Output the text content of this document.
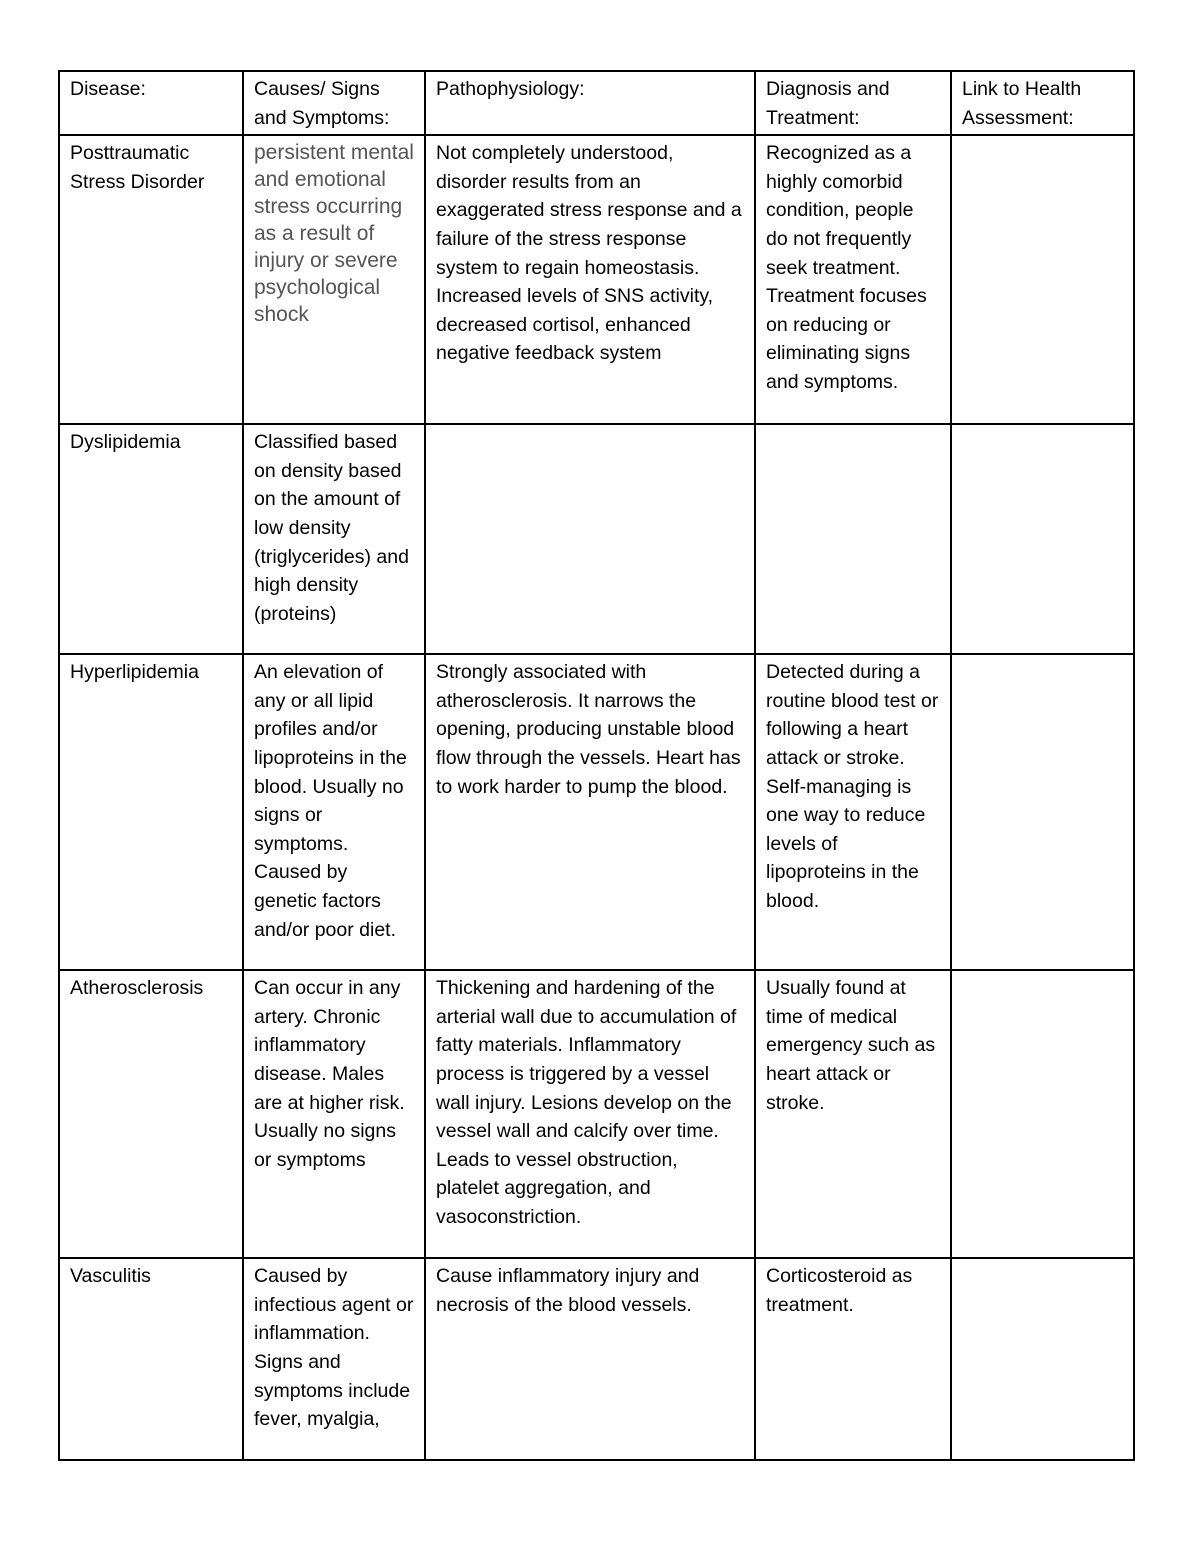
Disease:	Causes/ Signs and Symptoms:	Pathophysiology:	Diagnosis and Treatment:	Link to Health Assessment:
Posttraumatic Stress Disorder	persistent mental and emotional stress occurring as a result of injury or severe psychological shock	Not completely understood, disorder results from an exaggerated stress response and a failure of the stress response system to regain homeostasis. Increased levels of SNS activity, decreased cortisol, enhanced negative feedback system	Recognized as a highly comorbid condition, people do not frequently seek treatment. Treatment focuses on reducing or eliminating signs and symptoms.	
Dyslipidemia	Classified based on density based on the amount of low density (triglycerides) and high density (proteins)			
Hyperlipidemia	An elevation of any or all lipid profiles and/or lipoproteins in the blood. Usually no signs or symptoms. Caused by genetic factors and/or poor diet.	Strongly associated with atherosclerosis. It narrows the opening, producing unstable blood flow through the vessels. Heart has to work harder to pump the blood.	Detected during a routine blood test or following a heart attack or stroke. Self-managing is one way to reduce levels of lipoproteins in the blood.	
Atherosclerosis	Can occur in any artery. Chronic inflammatory disease. Males are at higher risk. Usually no signs or symptoms	Thickening and hardening of the arterial wall due to accumulation of fatty materials. Inflammatory process is triggered by a vessel wall injury. Lesions develop on the vessel wall and calcify over time. Leads to vessel obstruction, platelet aggregation, and vasoconstriction.	Usually found at time of medical emergency such as heart attack or stroke.	
Vasculitis	Caused by infectious agent or inflammation. Signs and symptoms include fever, myalgia,	Cause inflammatory injury and necrosis of the blood vessels.	Corticosteroid as treatment.	
